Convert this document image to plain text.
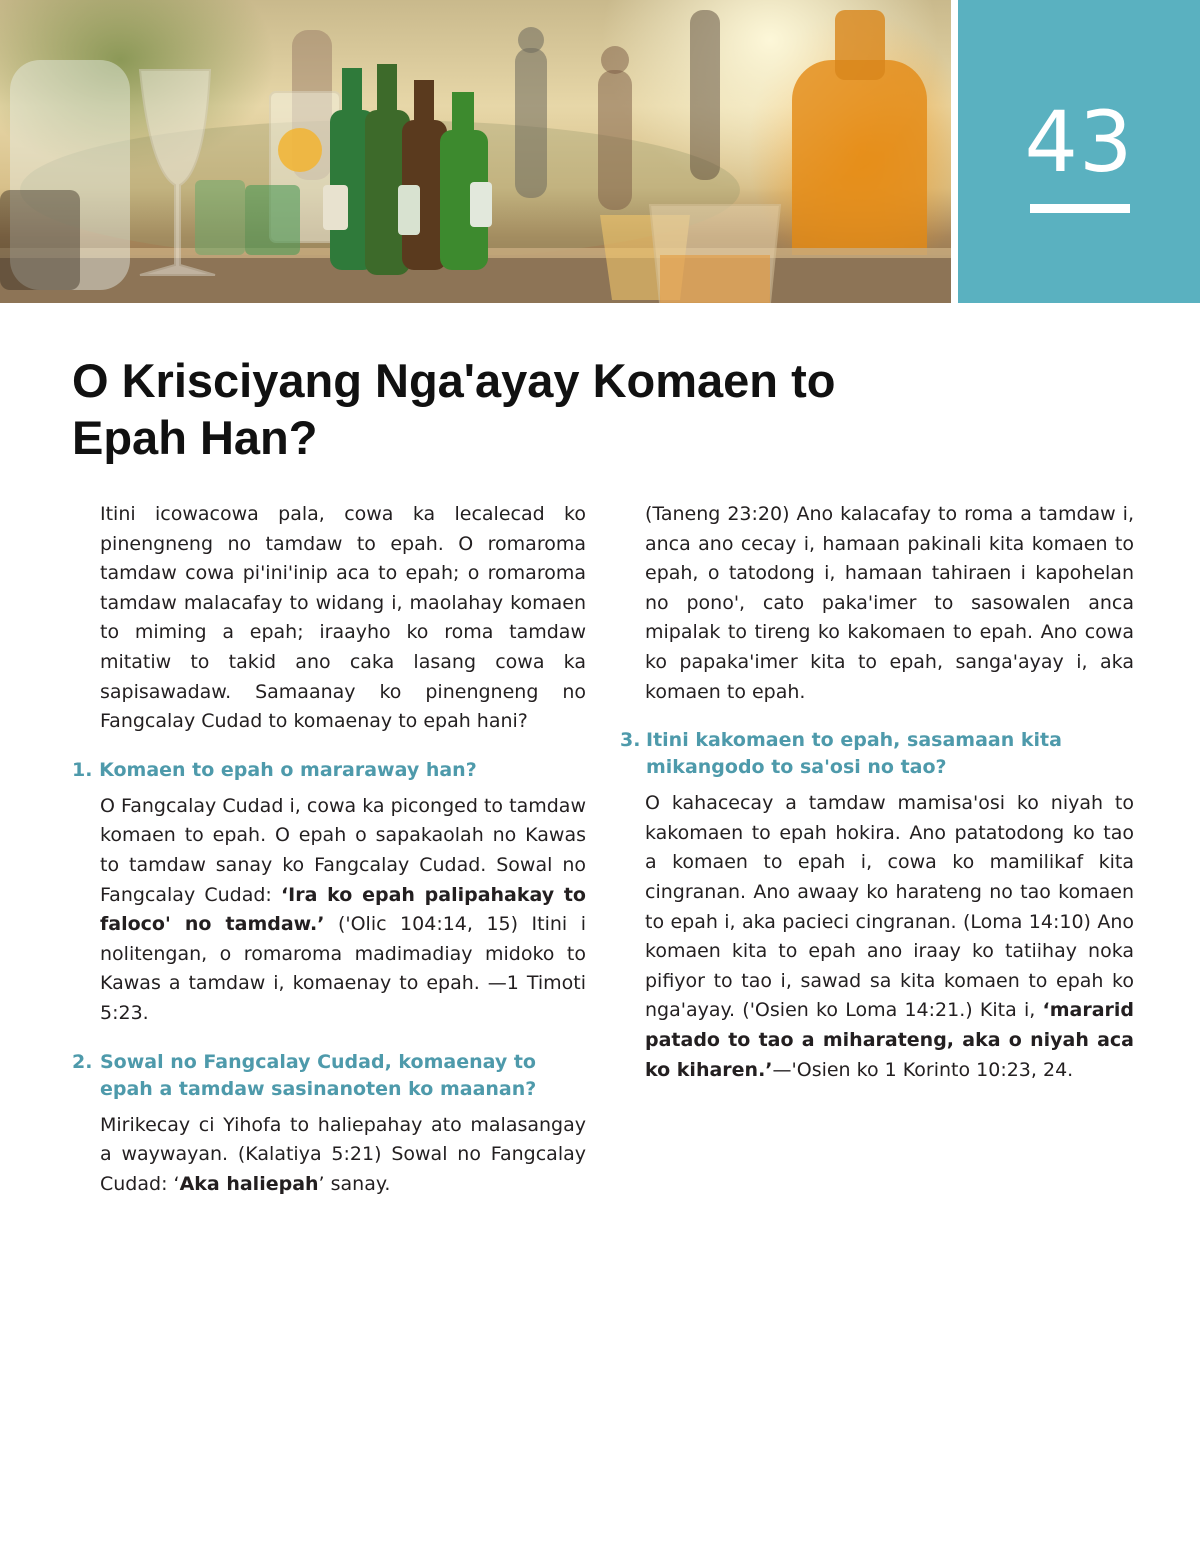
43
O Krisciyang Nga'ayay Komaen to Epah Han?

Itini icowacowa pala, cowa ka lecalecad ko pinengneng no tamdaw to epah. O romaroma tamdaw cowa pi'ini'inip aca to epah; o romaroma tamdaw malacafay to widang i, maolahay komaen to miming a epah; iraayho ko roma tamdaw mitatiw to takid ano caka lasang cowa ka sapisawadaw. Samaanay ko pinengneng no Fangcalay Cudad to komaenay to epah hani?

1. Komaen to epah o mararaway han?

O Fangcalay Cudad i, cowa ka piconged to tamdaw komaen to epah. O epah o sapakaolah no Kawas to tamdaw sanay ko Fangcalay Cudad. Sowal no Fangcalay Cudad: ‘Ira ko epah palipahakay to faloco' no tamdaw.’ ('Olic 104:14, 15) Itini i nolitengan, o romaroma madimadiay midoko to Kawas a tamdaw i, komaenay to epah. —1 Timoti 5:23.

2. Sowal no Fangcalay Cudad, komaenay to epah a tamdaw sasinanoten ko maanan?

Mirikecay ci Yihofa to haliepahay ato malasangay a waywayan. (Kalatiya 5:21) Sowal no Fangcalay Cudad: ‘Aka haliepah’ sanay.

(Taneng 23:20) Ano kalacafay to roma a tamdaw i, anca ano cecay i, hamaan pakinali kita komaen to epah, o tatodong i, hamaan tahiraen i kapohelan no pono', cato paka'imer to sasowalen anca mipalak to tireng ko kakomaen to epah. Ano cowa ko papaka'imer kita to epah, sanga'ayay i, aka komaen to epah.

3. Itini kakomaen to epah, sasamaan kita mikangodo to sa'osi no tao?

O kahacecay a tamdaw mamisa'osi ko niyah to kakomaen to epah hokira. Ano patatodong ko tao a komaen to epah i, cowa ko mamilikaf kita cingranan. Ano awaay ko harateng no tao komaen to epah i, aka pacieci cingranan. (Loma 14:10) Ano komaen kita to epah ano iraay ko tatiihay noka pifiyor to tao i, sawad sa kita komaen to epah ko nga'ayay. ('Osien ko Loma 14:21.) Kita i, ‘mararid patado to tao a miharateng, aka o niyah aca ko kiharen.’—'Osien ko 1 Korinto 10:23, 24.
